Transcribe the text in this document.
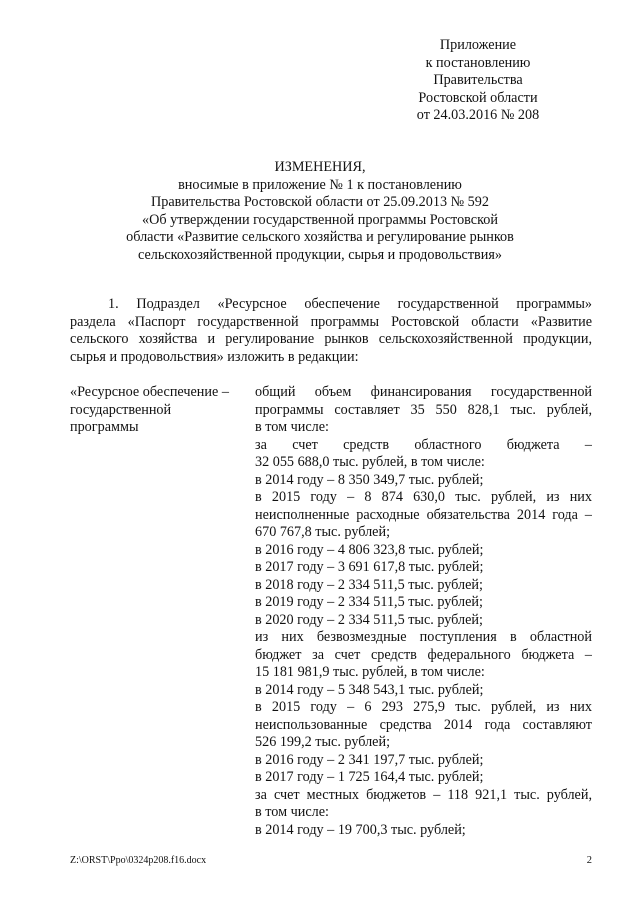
Приложение
к постановлению
Правительства
Ростовской области
от 24.03.2016 № 208
ИЗМЕНЕНИЯ,
вносимые в приложение № 1 к постановлению
Правительства Ростовской области от 25.09.2013 № 592
«Об утверждении государственной программы Ростовской
области «Развитие сельского хозяйства и регулирование рынков
сельскохозяйственной продукции, сырья и продовольствия»
1. Подраздел «Ресурсное обеспечение государственной программы»
раздела «Паспорт государственной программы Ростовской области «Развитие
сельского хозяйства и регулирование рынков сельскохозяйственной продукции,
сырья и продовольствия» изложить в редакции:
«Ресурсное обеспечение –
государственной
программы
общий объем финансирования государственной
программы составляет 35 550 828,1 тыс. рублей,
в том числе:
за счет средств областного бюджета –
32 055 688,0 тыс. рублей, в том числе:
в 2014 году – 8 350 349,7 тыс. рублей;
в 2015 году – 8 874 630,0 тыс. рублей, из них
неисполненные расходные обязательства 2014 года –
670 767,8 тыс. рублей;
в 2016 году – 4 806 323,8 тыс. рублей;
в 2017 году – 3 691 617,8 тыс. рублей;
в 2018 году – 2 334 511,5 тыс. рублей;
в 2019 году – 2 334 511,5 тыс. рублей;
в 2020 году – 2 334 511,5 тыс. рублей;
из них безвозмездные поступления в областной
бюджет за счет средств федерального бюджета –
15 181 981,9 тыс. рублей, в том числе:
в 2014 году – 5 348 543,1 тыс. рублей;
в 2015 году – 6 293 275,9 тыс. рублей, из них
неиспользованные средства 2014 года составляют
526 199,2 тыс. рублей;
в 2016 году – 2 341 197,7 тыс. рублей;
в 2017 году – 1 725 164,4 тыс. рублей;
за счет местных бюджетов – 118 921,1 тыс. рублей,
в том числе:
в 2014 году – 19 700,3 тыс. рублей;
Z:\ORST\Ppo\0324p208.f16.docx	2
